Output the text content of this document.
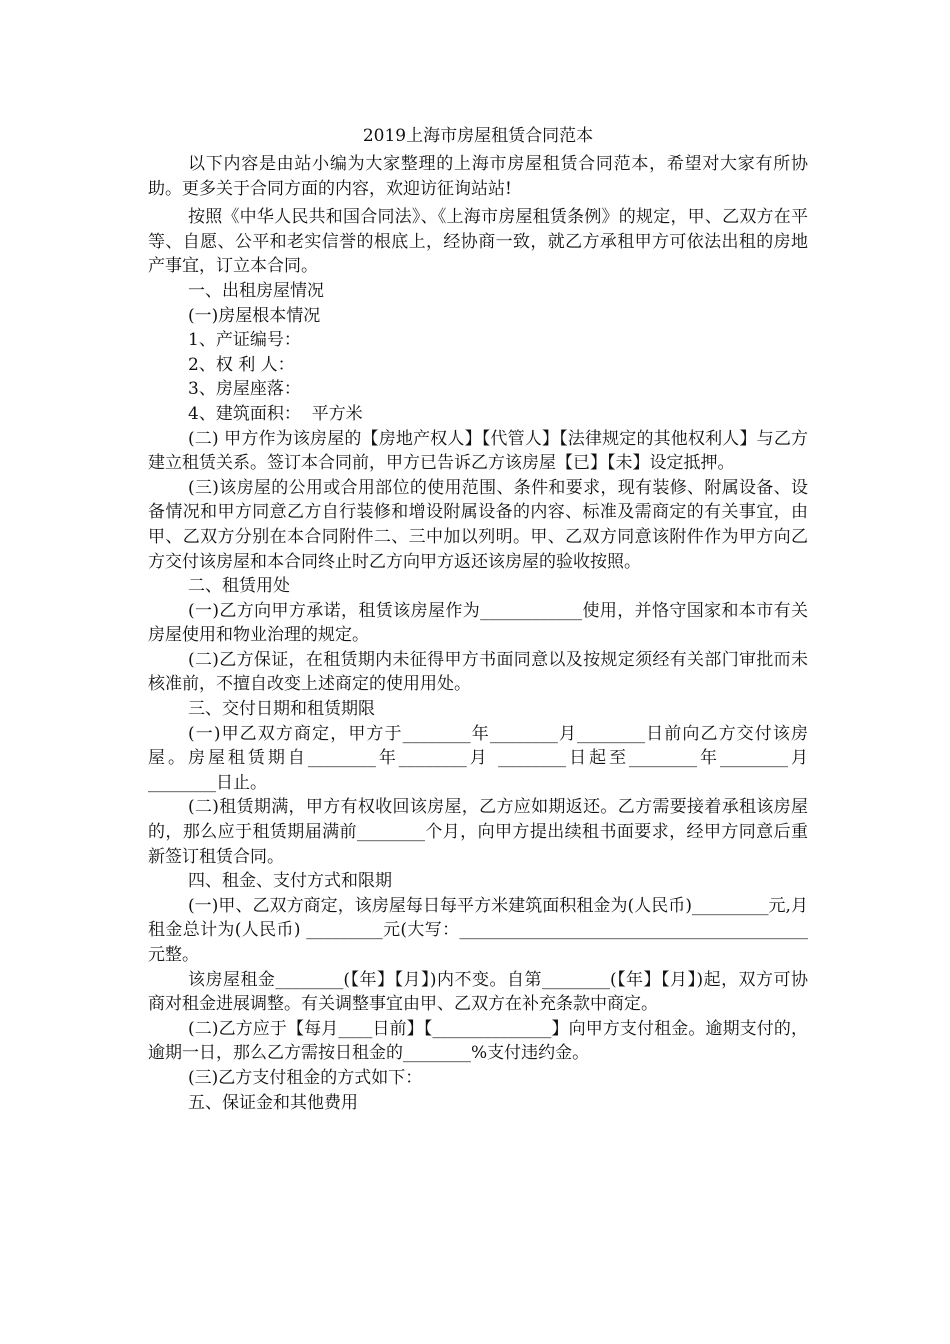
2019上海市房屋租赁合同范本

以下内容是由站小编为大家整理的上海市房屋租赁合同范本，希望对大家有所协助。更多关于合同方面的内容，欢迎访征询站站!

按照《中华人民共和国合同法》、《上海市房屋租赁条例》的规定，甲、乙双方在平等、自愿、公平和老实信誉的根底上，经协商一致，就乙方承租甲方可依法出租的房地产事宜，订立本合同。

一、出租房屋情况

(一)房屋根本情况

1、产证编号：

2、权 利 人：

3、房屋座落：

4、建筑面积：  平方米

(二) 甲方作为该房屋的【房地产权人】【代管人】【法律规定的其他权利人】与乙方建立租赁关系。签订本合同前，甲方已告诉乙方该房屋【已】【未】设定抵押。

(三)该房屋的公用或合用部位的使用范围、条件和要求，现有装修、附属设备、设备情况和甲方同意乙方自行装修和增设附属设备的内容、标准及需商定的有关事宜，由甲、乙双方分别在本合同附件二、三中加以列明。甲、乙双方同意该附件作为甲方向乙方交付该房屋和本合同终止时乙方向甲方返还该房屋的验收按照。

二、租赁用处

(一)乙方向甲方承诺，租赁该房屋作为____________使用，并恪守国家和本市有关房屋使用和物业治理的规定。

(二)乙方保证，在租赁期内未征得甲方书面同意以及按规定须经有关部门审批而未核准前，不擅自改变上述商定的使用用处。

三、交付日期和租赁期限

(一)甲乙双方商定，甲方于________年________月________日前向乙方交付该房屋。房屋租赁期自________年________月 ________日起至________年________月________日止。

(二)租赁期满，甲方有权收回该房屋，乙方应如期返还。乙方需要接着承租该房屋的，那么应于租赁期届满前________个月，向甲方提出续租书面要求，经甲方同意后重新签订租赁合同。

四、租金、支付方式和限期

(一)甲、乙双方商定，该房屋每日每平方米建筑面积租金为(人民币)_________元,月租金总计为(人民币) _________元(大写：_________________________________________元整。

该房屋租金________(【年】【月】)内不变。自第________(【年】【月】)起，双方可协商对租金进展调整。有关调整事宜由甲、乙双方在补充条款中商定。

(二)乙方应于【每月____日前】【______________】向甲方支付租金。逾期支付的， 逾期一日，那么乙方需按日租金的________%支付违约金。

(三)乙方支付租金的方式如下：

五、保证金和其他费用
